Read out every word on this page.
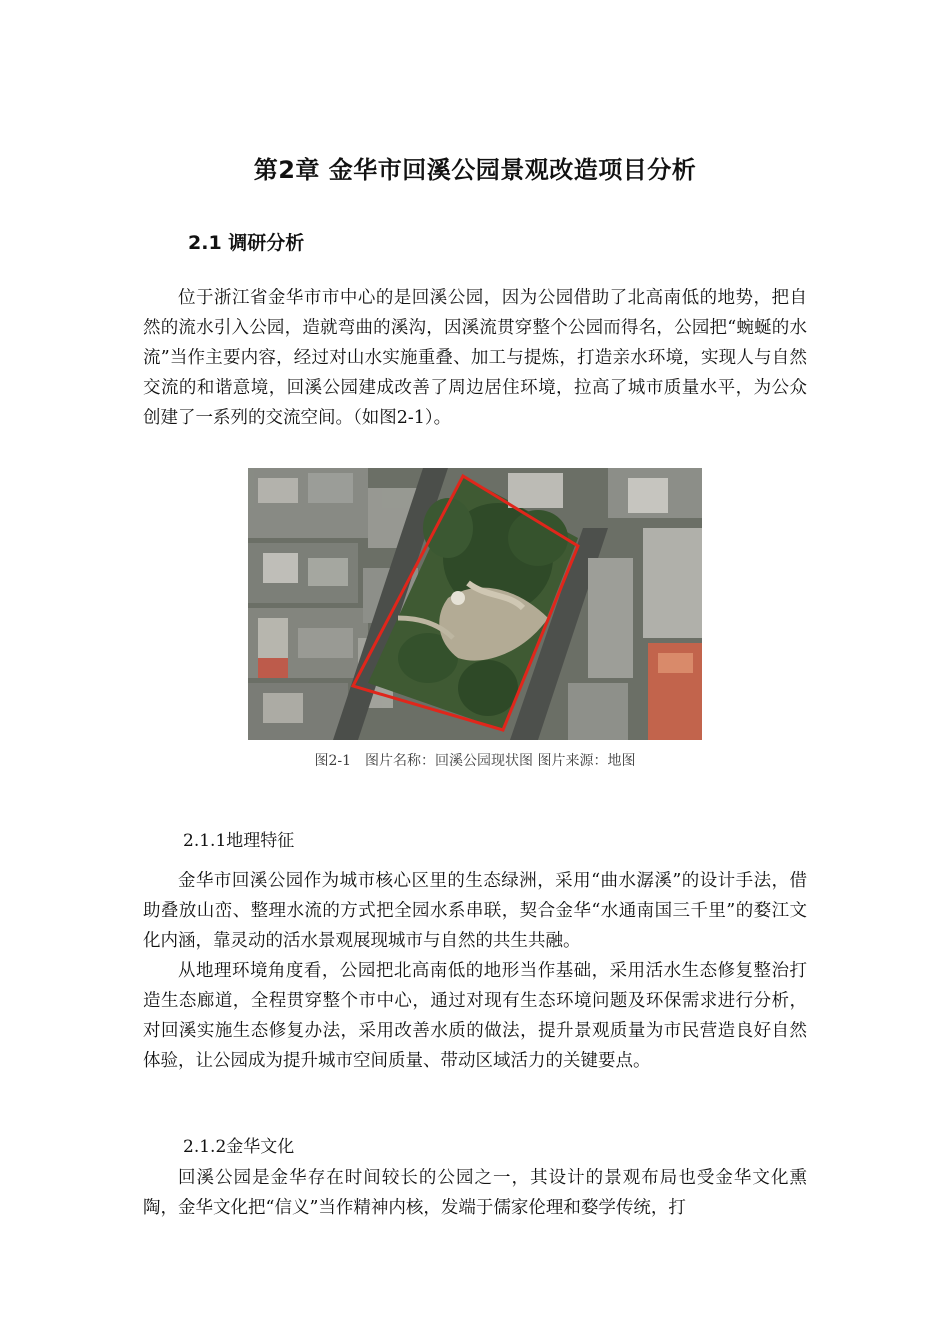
第2章 金华市回溪公园景观改造项目分析
2.1 调研分析

位于浙江省金华市市中心的是回溪公园，因为公园借助了北高南低的地势，把自然的流水引入公园，造就弯曲的溪沟，因溪流贯穿整个公园而得名，公园把“蜿蜒的水流”当作主要内容，经过对山水实施重叠、加工与提炼，打造亲水环境，实现人与自然交流的和谐意境，回溪公园建成改善了周边居住环境，拉高了城市质量水平，为公众创建了一系列的交流空间。（如图2-1）。

图2-1　图片名称：回溪公园现状图 图片来源：地图

2.1.1地理特征

金华市回溪公园作为城市核心区里的生态绿洲，采用“曲水潺溪”的设计手法，借助叠放山峦、整理水流的方式把全园水系串联，契合金华“水通南国三千里”的婺江文化内涵，靠灵动的活水景观展现城市与自然的共生共融。

从地理环境角度看，公园把北高南低的地形当作基础，采用活水生态修复整治打造生态廊道，全程贯穿整个市中心，通过对现有生态环境问题及环保需求进行分析，对回溪实施生态修复办法，采用改善水质的做法，提升景观质量为市民营造良好自然体验，让公园成为提升城市空间质量、带动区域活力的关键要点。

2.1.2金华文化

回溪公园是金华存在时间较长的公园之一，其设计的景观布局也受金华文化熏陶，金华文化把“信义”当作精神内核，发端于儒家伦理和婺学传统，打
